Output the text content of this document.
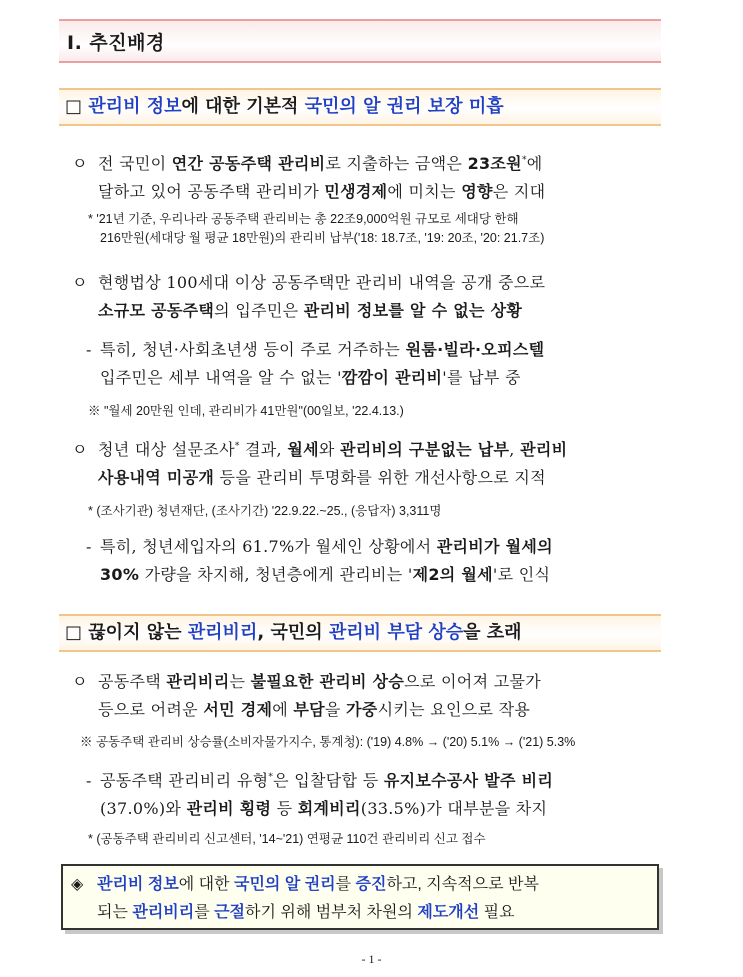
Ⅰ. 추진배경
□ 관리비 정보에 대한 기본적 국민의 알 권리 보장 미흡
ㅇ 전 국민이 연간 공동주택 관리비로 지출하는 금액은 23조원*에
달하고 있어 공동주택 관리비가 민생경제에 미치는 영향은 지대
* '21년 기준, 우리나라 공동주택 관리비는 총 22조9,000억원 규모로 세대당 한해
216만원(세대당 월 평균 18만원)의 관리비 납부('18: 18.7조, '19: 20조, '20: 21.7조)
ㅇ 현행법상 100세대 이상 공동주택만 관리비 내역을 공개 중으로
소규모 공동주택의 입주민은 관리비 정보를 알 수 없는 상황
- 특히, 청년·사회초년생 등이 주로 거주하는 원룸·빌라·오피스텔
입주민은 세부 내역을 알 수 없는 '깜깜이 관리비'를 납부 중
※ "월세 20만원 인데, 관리비가 41만원"(00일보, '22.4.13.)
ㅇ 청년 대상 설문조사* 결과, 월세와 관리비의 구분없는 납부, 관리비
사용내역 미공개 등을 관리비 투명화를 위한 개선사항으로 지적
* (조사기관) 청년재단, (조사기간) '22.9.22.~25., (응답자) 3,311명
- 특히, 청년세입자의 61.7%가 월세인 상황에서 관리비가 월세의
30% 가량을 차지해, 청년층에게 관리비는 '제2의 월세'로 인식
□ 끊이지 않는 관리비리, 국민의 관리비 부담 상승을 초래
ㅇ 공동주택 관리비리는 불필요한 관리비 상승으로 이어져 고물가
등으로 어려운 서민 경제에 부담을 가중시키는 요인으로 작용
※ 공동주택 관리비 상승률(소비자물가지수, 통계청): ('19) 4.8% → ('20) 5.1% → ('21) 5.3%
- 공동주택 관리비리 유형*은 입찰담합 등 유지보수공사 발주 비리
(37.0%)와 관리비 횡령 등 회계비리(33.5%)가 대부분을 차지
* (공동주택 관리비리 신고센터, '14~'21) 연평균 110건 관리비리 신고 접수
◈ 관리비 정보에 대한 국민의 알 권리를 증진하고, 지속적으로 반복
되는 관리비리를 근절하기 위해 범부처 차원의 제도개선 필요
- 1 -
